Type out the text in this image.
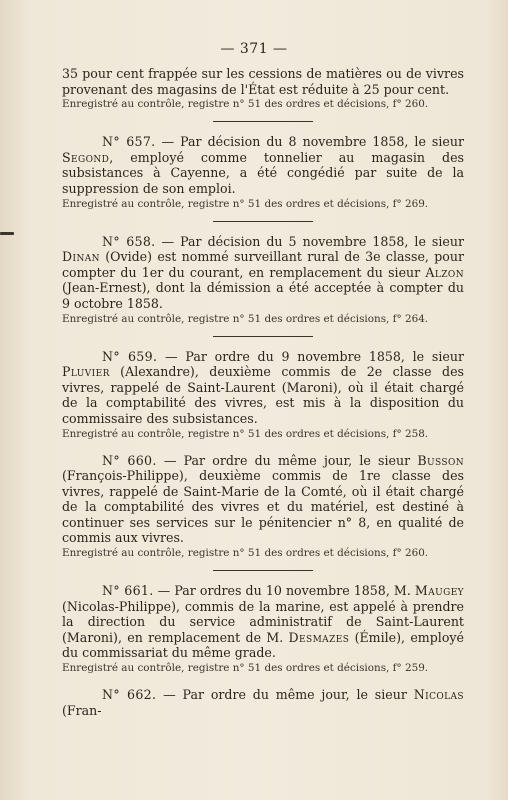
— 371 —

35 pour cent frappée sur les cessions de matières ou de vivres provenant des magasins de l'État est réduite à 25 pour cent.

Enregistré au contrôle, registre n° 51 des ordres et décisions, f° 260.

N° 657. — Par décision du 8 novembre 1858, le sieur Segond, employé comme tonnelier au magasin des subsistances à Cayenne, a été congédié par suite de la suppression de son emploi.

Enregistré au contrôle, registre n° 51 des ordres et décisions, f° 269.

N° 658. — Par décision du 5 novembre 1858, le sieur Dinan (Ovide) est nommé surveillant rural de 3e classe, pour compter du 1er du courant, en remplacement du sieur Alzon (Jean-Ernest), dont la démission a été acceptée à compter du 9 octobre 1858.

Enregistré au contrôle, registre n° 51 des ordres et décisions, f° 264.

N° 659. — Par ordre du 9 novembre 1858, le sieur Pluvier (Alexandre), deuxième commis de 2e classe des vivres, rappelé de Saint-Laurent (Maroni), où il était chargé de la comptabilité des vivres, est mis à la disposition du commissaire des subsistances.

Enregistré au contrôle, registre n° 51 des ordres et décisions, f° 258.

N° 660. — Par ordre du même jour, le sieur Busson (François-Philippe), deuxième commis de 1re classe des vivres, rappelé de Saint-Marie de la Comté, où il était chargé de la comptabilité des vivres et du matériel, est destiné à continuer ses services sur le pénitencier n° 8, en qualité de commis aux vivres.

Enregistré au contrôle, registre n° 51 des ordres et décisions, f° 260.

N° 661. — Par ordres du 10 novembre 1858, M. Maugey (Nicolas-Philippe), commis de la marine, est appelé à prendre la direction du service administratif de Saint-Laurent (Maroni), en remplacement de M. Desmazes (Émile), employé du commissariat du même grade.

Enregistré au contrôle, registre n° 51 des ordres et décisions, f° 259.

N° 662. — Par ordre du même jour, le sieur Nicolas (Fran-
